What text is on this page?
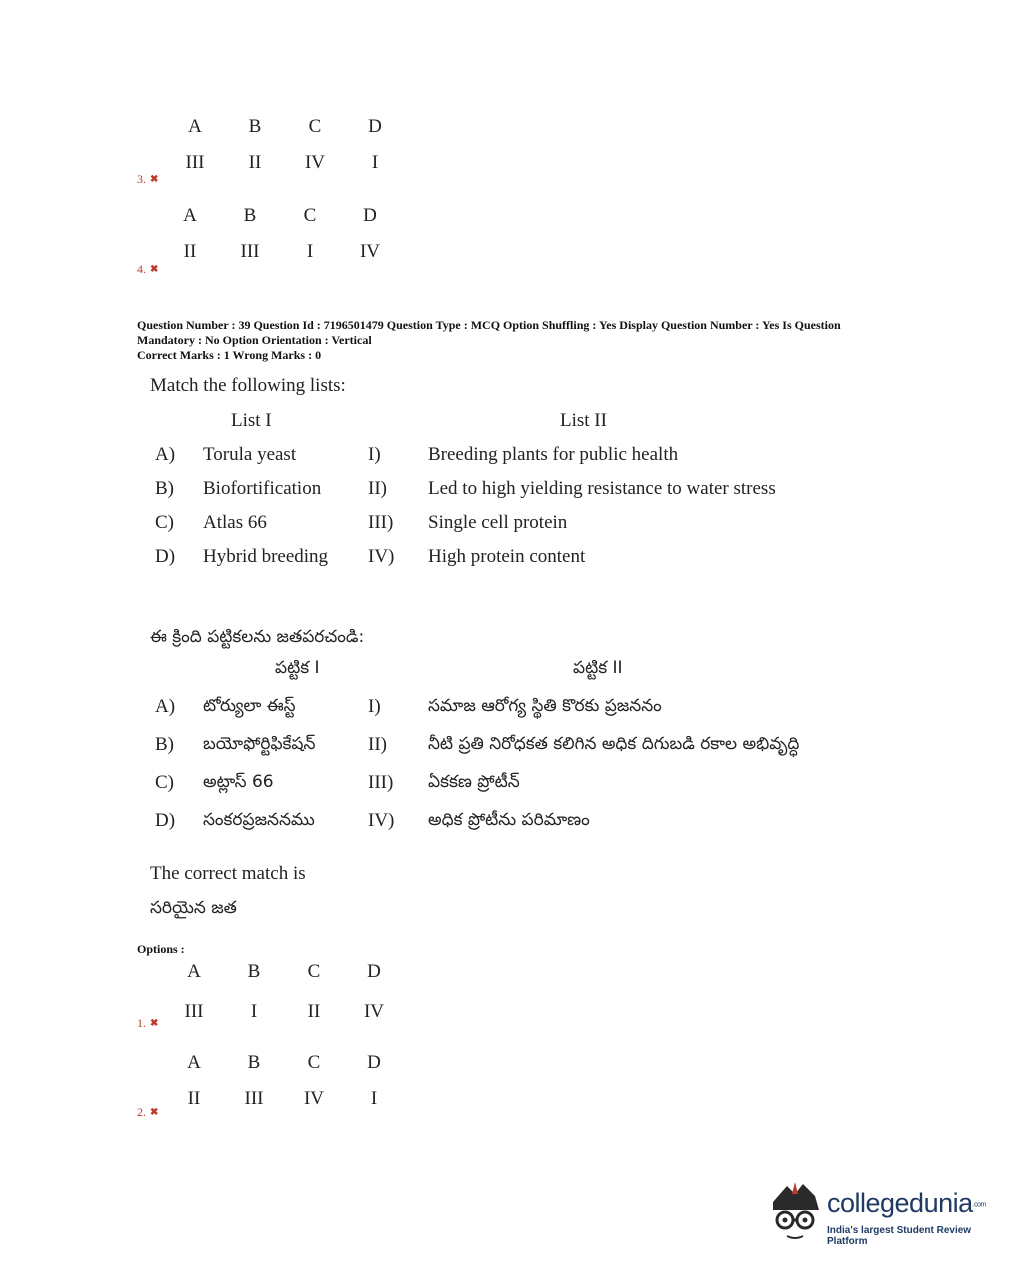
A	B	C	D
III	II	IV	I
3. ✖
A	B	C	D
II	III	I	IV
4. ✖
Question Number : 39 Question Id : 7196501479 Question Type : MCQ Option Shuffling : Yes Display Question Number : Yes Is Question
Mandatory : No Option Orientation : Vertical
Correct Marks : 1 Wrong Marks : 0
Match the following lists:
List I	List II
A)	Torula yeast	I)	Breeding plants for public health
B)	Biofortification	II)	Led to high yielding resistance to water stress
C)	Atlas 66	III)	Single cell protein
D)	Hybrid breeding	IV)	High protein content
ఈ క్రింది పట్టికలను జతపరచండి:
పట్టిక I	పట్టిక II
A)	టోర్యులా ఈస్ట్	I)	సమాజ ఆరోగ్య స్థితి కొరకు ప్రజననం
B)	బయోఫోర్టిఫికేషన్	II)	నీటి ప్రతి నిరోధకత కలిగిన అధిక దిగుబడి రకాల అభివృద్ధి
C)	అట్లాస్ 66	III)	ఏకకణ ప్రోటీన్
D)	సంకరప్రజననము	IV)	అధిక ప్రోటీను పరిమాణం
The correct match is
సరియైన జత
Options :
A	B	C	D
III	I	II	IV
1. ✖
A	B	C	D
II	III	IV	I
2. ✖
collegedunia.com
India's largest Student Review Platform
